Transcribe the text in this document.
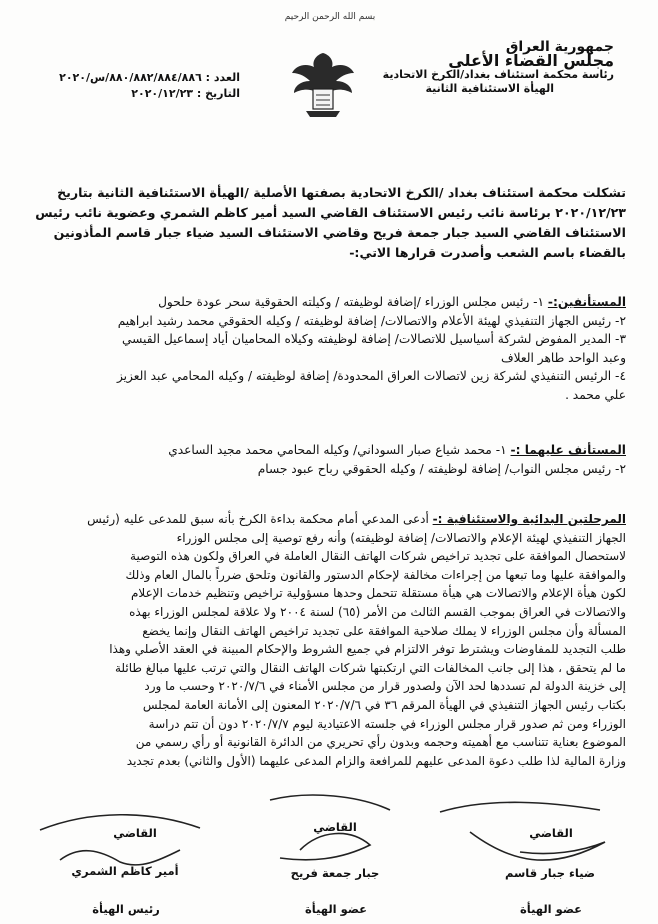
بسم الله الرحمن الرحيم
جمهورية العراق
مجلس القضاء الأعلى
رئاسة محكمة استئناف بغداد/الكرخ الاتحادية
الهيأة الاستئنافية الثانية
العدد : ٨٨٠/٨٨٢/٨٨٤/٨٨٦/س/٢٠٢٠
التاريخ : ٢٠٢٠/١٢/٢٣
تشكلت محكمة استئناف بغداد /الكرخ الاتحادية بصفتها الأصلية /الهيأة الاستئنافية الثانية بتاريخ
٢٠٢٠/١٢/٢٣ برئاسة نائب رئيس الاستئناف القاضي السيد أمير كاظم الشمري وعضوية نائب رئيس
الاستئناف القاضي السيد جبار جمعة فريح وقاضي الاستئناف السيد ضياء جبار قاسم المأذونين
بالقضاء باسم الشعب وأصدرت قرارها الاتي:-
المستأنفين:- ١- رئيس مجلس الوزراء /إضافة لوظيفته / وكيلته الحقوقية سحر عودة حلحول
٢- رئيس الجهاز التنفيذي لهيئة الأعلام والاتصالات/ إضافة لوظيفته / وكيله الحقوقي محمد رشيد ابراهيم
٣- المدير المفوض لشركة أسياسيل للاتصالات/ إضافة لوظيفته وكيلاه المحاميان أياد إسماعيل القيسي
وعبد الواحد طاهر العلاف
٤- الرئيس التنفيذي لشركة زين لاتصالات العراق المحدودة/ إضافة لوظيفته / وكيله المحامي عبد العزيز
علي محمد .
المستأنف عليهما :- ١- محمد شياع صبار السوداني/ وكيله المحامي محمد مجيد الساعدي
٢- رئيس مجلس النواب/ إضافة لوظيفته / وكيله الحقوقي رباح عبود جسام
المرحلتين البدائية والاستئنافية :- أدعى المدعي أمام محكمة بداءة الكرخ بأنه سبق للمدعى عليه (رئيس
الجهاز التنفيذي لهيئة الإعلام والاتصالات/ إضافة لوظيفته) وأنه رفع توصية إلى مجلس الوزراء
لاستحصال الموافقة على تجديد تراخيص شركات الهاتف النقال العاملة في العراق ولكون هذه التوصية
والموافقة عليها وما تبعها من إجراءات مخالفة لإحكام الدستور والقانون وتلحق ضرراً بالمال العام وذلك
لكون هيأة الإعلام والاتصالات هي هيأة مستقلة تتحمل وحدها مسؤولية تراخيص وتنظيم خدمات الإعلام
والاتصالات في العراق بموجب القسم الثالث من الأمر (٦٥) لسنة ٢٠٠٤ ولا علاقة لمجلس الوزراء بهذه
المسألة وأن مجلس الوزراء لا يملك صلاحية الموافقة على تجديد تراخيص الهاتف النقال وإنما يخضع
طلب التجديد للمفاوضات ويشترط توفر الالتزام في جميع الشروط والإحكام المبينة في العقد الأصلي وهذا
ما لم يتحقق ، هذا إلى جانب المخالفات التي ارتكبتها شركات الهاتف النقال والتي ترتب عليها مبالغ طائلة
إلى خزينة الدولة لم تسددها لحد الآن ولصدور قرار من مجلس الأمناء في ٢٠٢٠/٧/٦ وحسب ما ورد
بكتاب رئيس الجهاز التنفيذي في الهيأة المرقم ٣٦ في ٢٠٢٠/٧/٦ المعنون إلى الأمانة العامة لمجلس
الوزراء ومن ثم صدور قرار مجلس الوزراء في جلسته الاعتيادية ليوم ٢٠٢٠/٧/٧ دون أن تتم دراسة
الموضوع بعناية تتناسب مع أهميته وحجمه وبدون رأي تحريري من الدائرة القانونية أو رأي رسمي من
وزارة المالية لذا طلب دعوة المدعى عليهم للمرافعة والزام المدعى عليهما (الأول والثاني) بعدم تجديد
القاضي
ضياء جبار قاسم
عضو الهيأة
القاضي
جبار جمعة فريح
عضو الهيأة
القاضي
أمير كاظم الشمري
رئيس الهيأة
